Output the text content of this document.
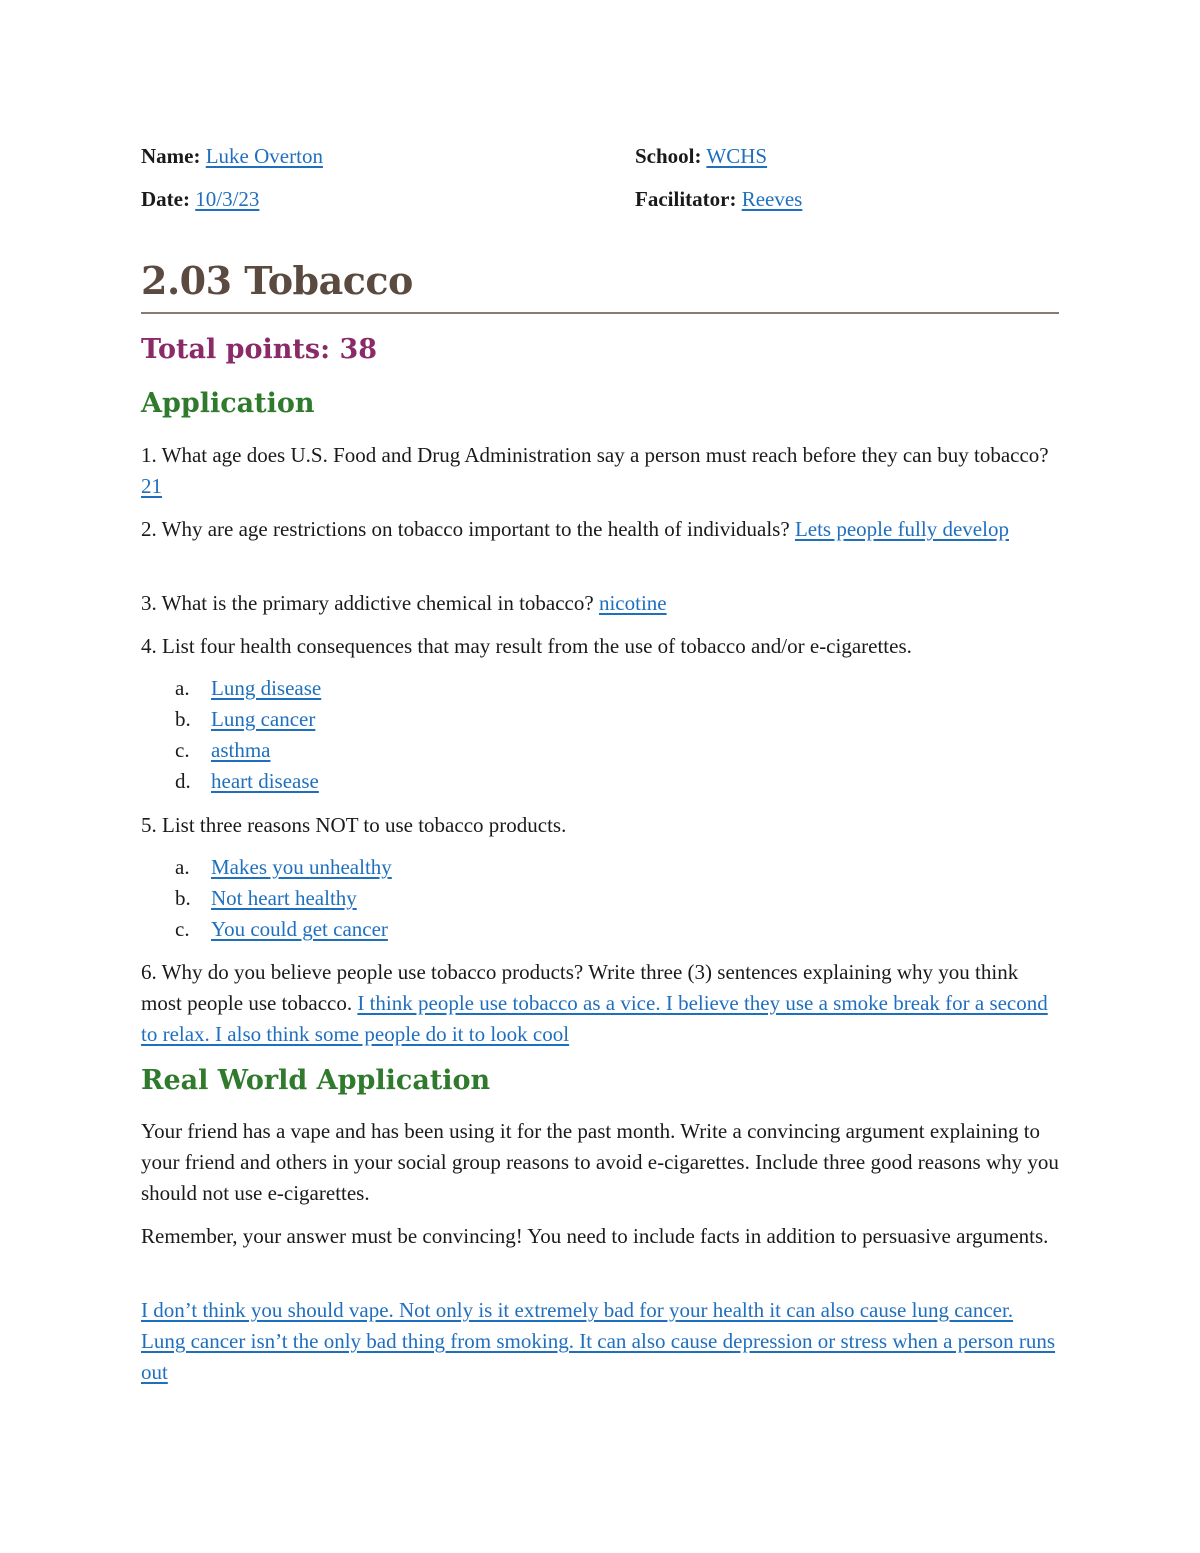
Name: Luke Overton	School: WCHS
Date: 10/3/23	Facilitator: Reeves
2.03 Tobacco
Total points: 38
Application

1. What age does U.S. Food and Drug Administration say a person must reach before they can buy tobacco? 21

2. Why are age restrictions on tobacco important to the health of individuals? Lets people fully develop

3. What is the primary addictive chemical in tobacco? nicotine

4. List four health consequences that may result from the use of tobacco and/or e-cigarettes.

a. Lung disease
b. Lung cancer
c. asthma
d. heart disease

5. List three reasons NOT to use tobacco products.

a. Makes you unhealthy
b. Not heart healthy
c. You could get cancer

6. Why do you believe people use tobacco products? Write three (3) sentences explaining why you think most people use tobacco. I think people use tobacco as a vice. I believe they use a smoke break for a second to relax. I also think some people do it to look cool

Real World Application

Your friend has a vape and has been using it for the past month. Write a convincing argument explaining to your friend and others in your social group reasons to avoid e-cigarettes. Include three good reasons why you should not use e-cigarettes.

Remember, your answer must be convincing! You need to include facts in addition to persuasive arguments.

I don’t think you should vape. Not only is it extremely bad for your health it can also cause lung cancer. Lung cancer isn’t the only bad thing from smoking. It can also cause depression or stress when a person runs out
